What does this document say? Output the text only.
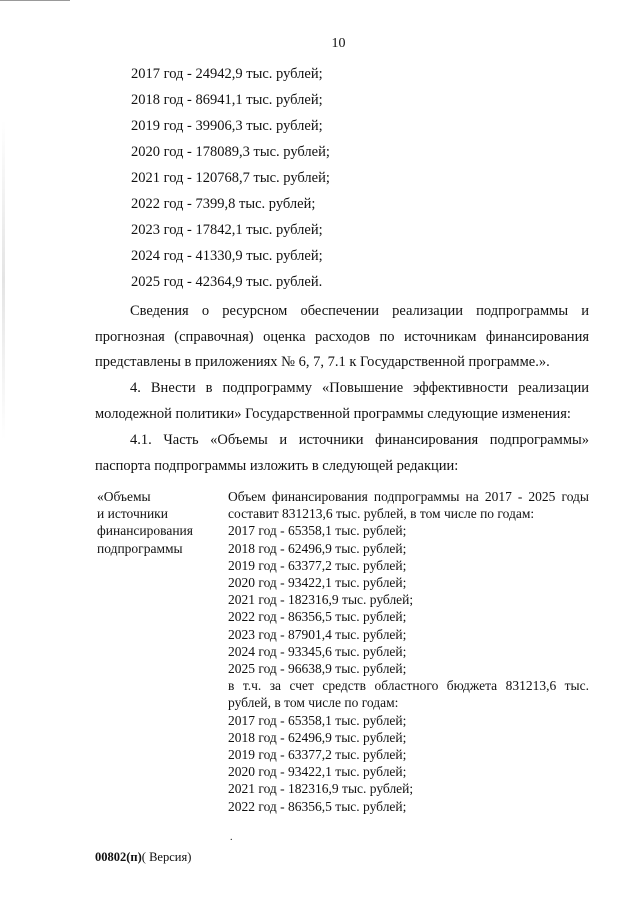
10
2017 год - 24942,9 тыс. рублей;
2018 год - 86941,1 тыс. рублей;
2019 год - 39906,3 тыс. рублей;
2020 год - 178089,3 тыс. рублей;
2021 год - 120768,7 тыс. рублей;
2022 год - 7399,8 тыс. рублей;
2023 год - 17842,1 тыс. рублей;
2024 год - 41330,9 тыс. рублей;
2025 год - 42364,9 тыс. рублей.
Сведения о ресурсном обеспечении реализации подпрограммы и прогнозная (справочная) оценка расходов по источникам финансирования представлены в приложениях № 6, 7, 7.1 к Государственной программе.».
4. Внести в подпрограмму «Повышение эффективности реализации молодежной политики» Государственной программы следующие изменения:
4.1. Часть «Объемы и источники финансирования подпрограммы» паспорта подпрограммы изложить в следующей редакции:
«Объемы
и источники
финансирования
подпрограммы
Объем финансирования подпрограммы на 2017 - 2025 годы составит 831213,6 тыс. рублей, в том числе по годам:
2017 год - 65358,1 тыс. рублей;
2018 год - 62496,9 тыс. рублей;
2019 год - 63377,2 тыс. рублей;
2020 год - 93422,1 тыс. рублей;
2021 год - 182316,9 тыс. рублей;
2022 год - 86356,5 тыс. рублей;
2023 год - 87901,4 тыс. рублей;
2024 год - 93345,6 тыс. рублей;
2025 год - 96638,9 тыс. рублей;
в т.ч. за счет средств областного бюджета 831213,6 тыс. рублей, в том числе по годам:
2017 год - 65358,1 тыс. рублей;
2018 год - 62496,9 тыс. рублей;
2019 год - 63377,2 тыс. рублей;
2020 год - 93422,1 тыс. рублей;
2021 год - 182316,9 тыс. рублей;
2022 год - 86356,5 тыс. рублей;
.
00802(п)( Версия)
